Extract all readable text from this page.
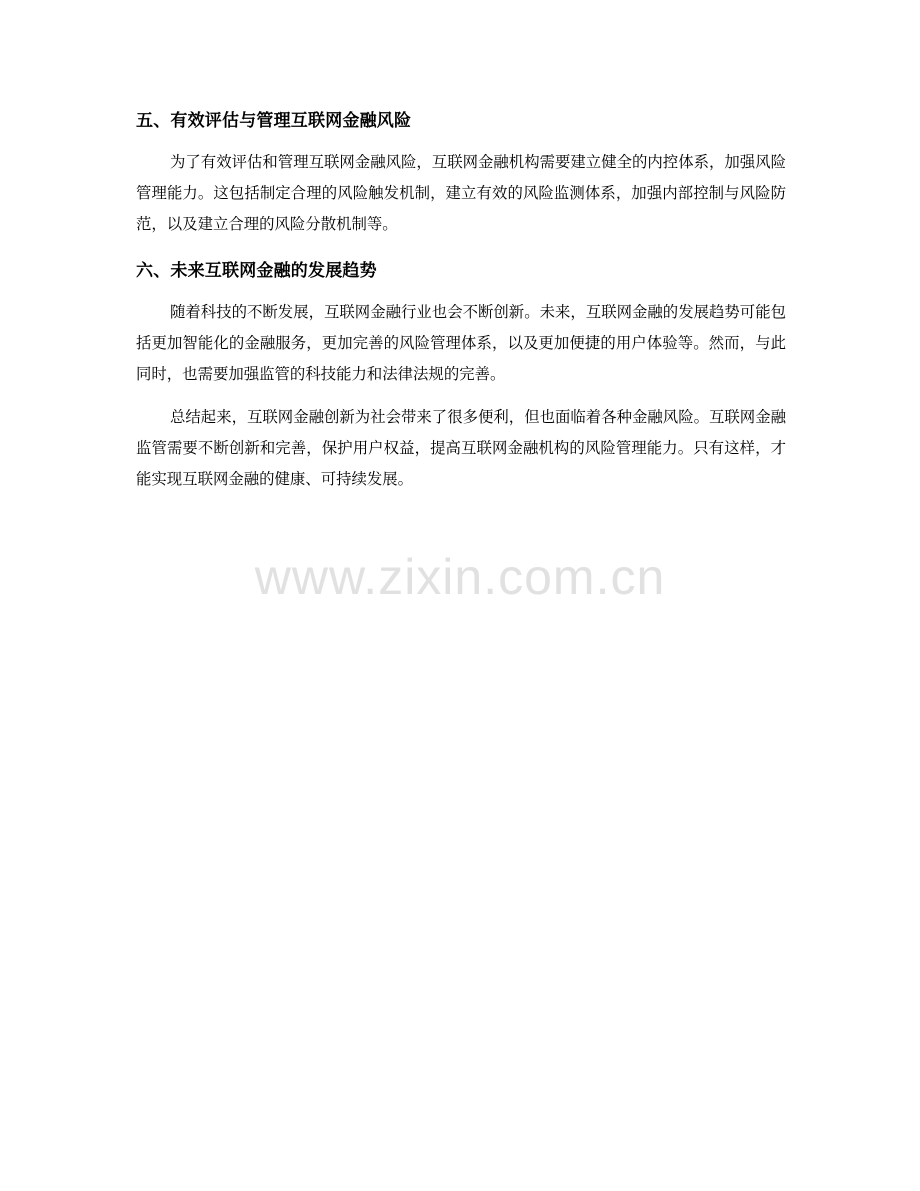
五、有效评估与管理互联网金融风险

为了有效评估和管理互联网金融风险，互联网金融机构需要建立健全的内控体系，加强风险管理能力。这包括制定合理的风险触发机制，建立有效的风险监测体系，加强内部控制与风险防范，以及建立合理的风险分散机制等。

六、未来互联网金融的发展趋势

随着科技的不断发展，互联网金融行业也会不断创新。未来，互联网金融的发展趋势可能包括更加智能化的金融服务，更加完善的风险管理体系，以及更加便捷的用户体验等。然而，与此同时，也需要加强监管的科技能力和法律法规的完善。

总结起来，互联网金融创新为社会带来了很多便利，但也面临着各种金融风险。互联网金融监管需要不断创新和完善，保护用户权益，提高互联网金融机构的风险管理能力。只有这样，才能实现互联网金融的健康、可持续发展。

www.zixin.com.cn
